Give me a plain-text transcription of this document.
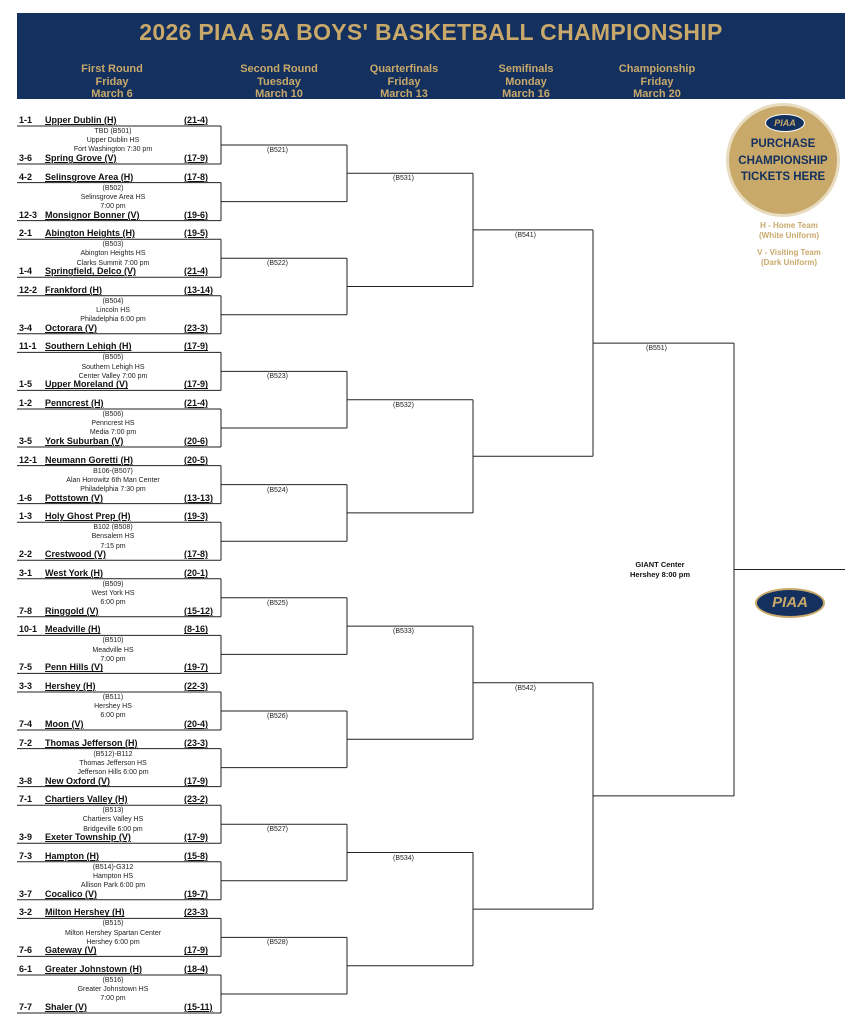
2026 PIAA 5A BOYS' BASKETBALL CHAMPIONSHIP
First Round
Friday
March 6
Second Round
Tuesday
March 10
Quarterfinals
Friday
March 13
Semifinals
Monday
March 16
Championship
Friday
March 20
1-1 Upper Dublin (H)	(21-4)
3-6 Spring Grove (V)	(17-9)
TBD (B501)
Upper Dublin HS
Fort Washington 7:30 pm
4-2 Selinsgrove Area (H)	(17-8)
12-3 Monsignor Bonner (V)	(19-6)
(B502)
Selinsgrove Area HS
7:00 pm
2-1 Abington Heights (H)	(19-5)
1-4 Springfield, Delco (V)	(21-4)
(B503)
Abington Heights HS
Clarks Summit 7:00 pm
12-2 Frankford (H)	(13-14)
3-4 Octorara (V)	(23-3)
(B504)
Lincoln HS
Philadelphia 6:00 pm
11-1 Southern Lehigh (H)	(17-9)
1-5 Upper Moreland (V)	(17-9)
(B505)
Southern Lehigh HS
Center Valley 7:00 pm
1-2 Penncrest (H)	(21-4)
3-5 York Suburban (V)	(20-6)
(B506)
Penncrest HS
Media 7:00 pm
12-1 Neumann Goretti (H)	(20-5)
1-6 Pottstown (V)	(13-13)
B106-(B507)
Alan Horowitz 6th Man Center
Philadelphia 7:30 pm
1-3 Holy Ghost Prep (H)	(19-3)
2-2 Crestwood (V)	(17-8)
B102 (B508)
Bensalem HS
7:15 pm
3-1 West York (H)	(20-1)
7-8 Ringgold (V)	(15-12)
(B509)
West York HS
6:00 pm
10-1 Meadville (H)	(8-16)
7-5 Penn Hills (V)	(19-7)
(B510)
Meadville HS
7:00 pm
3-3 Hershey (H)	(22-3)
7-4 Moon (V)	(20-4)
(B511)
Hershey HS
6:00 pm
7-2 Thomas Jefferson (H)	(23-3)
3-8 New Oxford (V)	(17-9)
(B512)-B112
Thomas Jefferson HS
Jefferson Hills 6:00 pm
7-1 Chartiers Valley (H)	(23-2)
3-9 Exeter Township (V)	(17-9)
(B513)
Chartiers Valley HS
Bridgeville 6:00 pm
7-3 Hampton (H)	(15-8)
3-7 Cocalico (V)	(19-7)
(B514)-G312
Hampton HS
Allison Park 6:00 pm
3-2 Milton Hershey (H)	(23-3)
7-6 Gateway (V)	(17-9)
(B515)
Milton Hershey Spartan Center
Hershey 6:00 pm
6-1 Greater Johnstown (H)	(18-4)
7-7 Shaler (V)	(15-11)
(B516)
Greater Johnstown HS
7:00 pm
(B521)
(B522)
(B523)
(B524)
(B525)
(B526)
(B527)
(B528)
(B531)
(B532)
(B533)
(B534)
(B541)
(B542)
(B551)
GIANT Center
Hershey 8:00 pm
PIAA
PURCHASE
CHAMPIONSHIP
TICKETS HERE
H - Home Team
(White Uniform)
V - Visiting Team
(Dark Uniform)
PIAA
